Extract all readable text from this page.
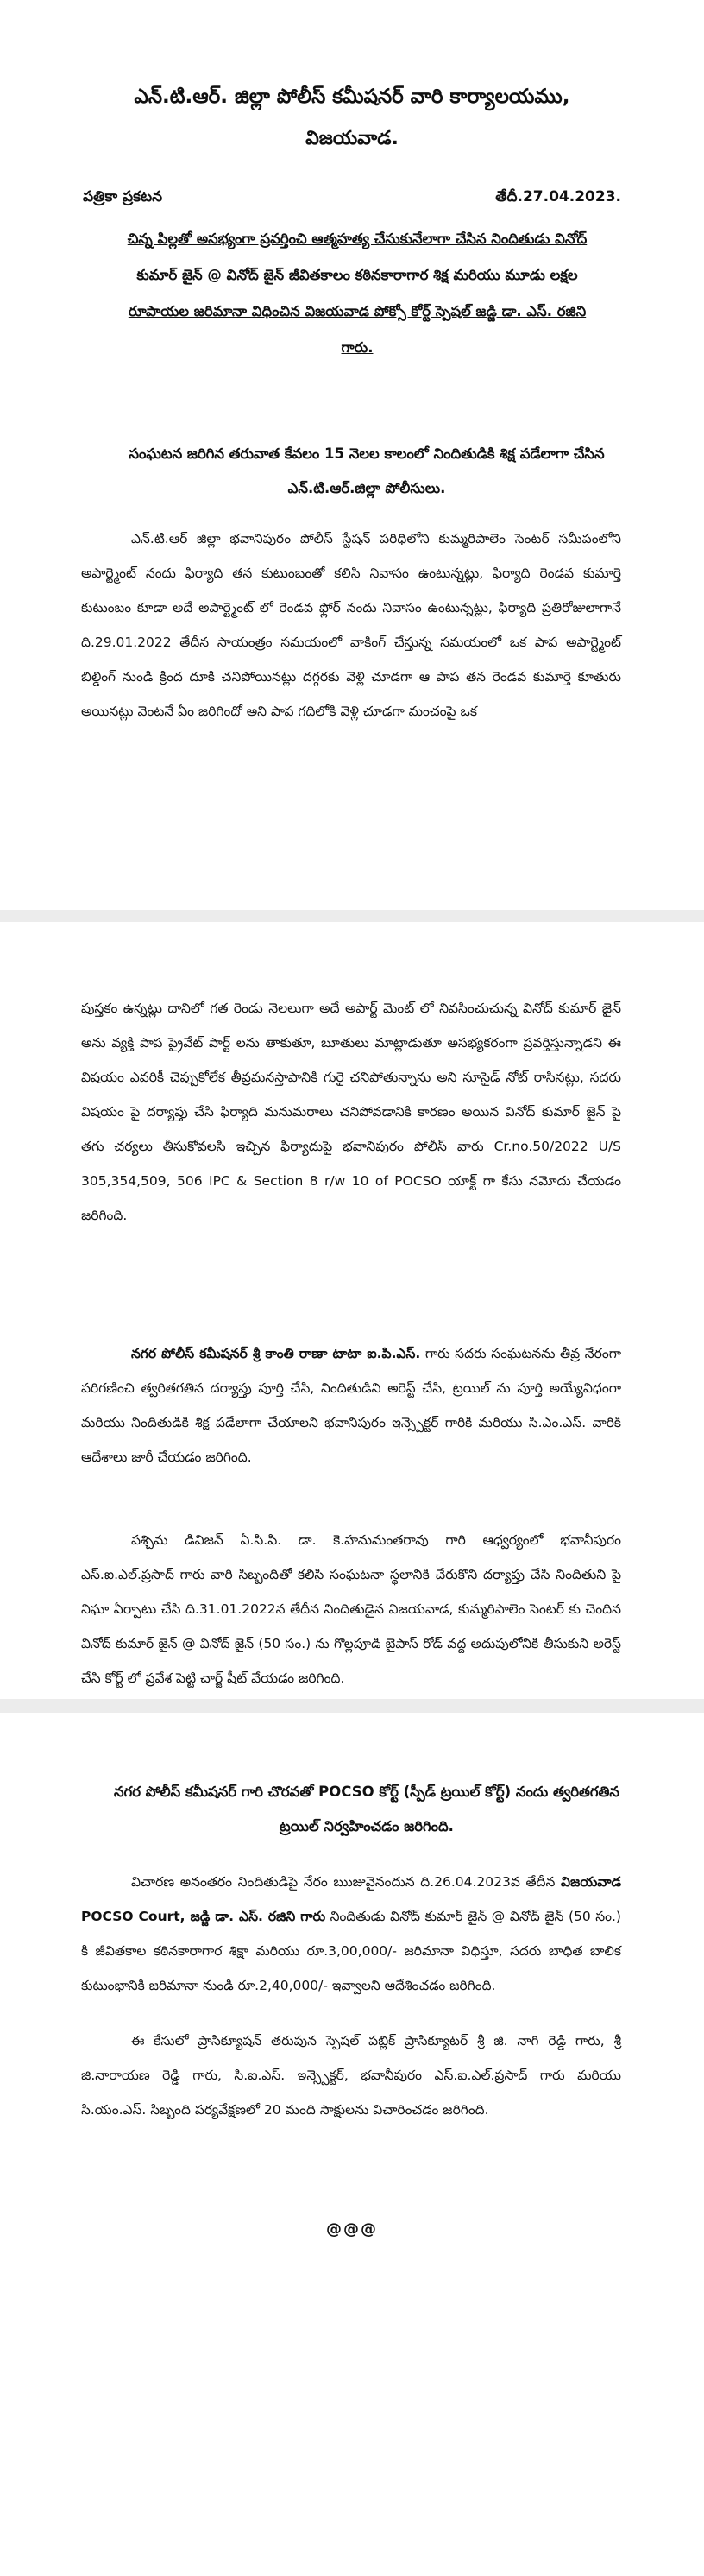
ఎన్.టి.ఆర్. జిల్లా పోలీస్ కమీషనర్ వారి కార్యాలయము,
విజయవాడ.
పత్రికా ప్రకటన	తేదీ.27.04.2023.
చిన్న పిల్లతో అసభ్యంగా ప్రవర్తించి ఆత్మహత్య చేసుకునేలాగా చేసిన నిందితుడు వినోద్ కుమార్ జైన్ @ వినోద్ జైన్ జీవితకాలం కఠినకారాగార శిక్ష మరియు మూడు లక్షల రూపాయల జరిమానా విధించిన విజయవాడ పోక్సో కోర్ట్ స్పెషల్ జడ్జి డా. ఎస్. రజిని గారు.
సంఘటన జరిగిన తరువాత కేవలం 15 నెలల కాలంలో నిందితుడికి శిక్ష పడేలాగా చేసిన ఎన్.టి.ఆర్.జిల్లా పోలీసులు.

ఎన్.టి.ఆర్ జిల్లా భవానిపురం పోలీస్ స్టేషన్ పరిధిలోని కుమ్మరిపాలెం సెంటర్ సమీపంలోని అపార్ట్మెంట్ నందు ఫిర్యాది తన కుటుంబంతో కలిసి నివాసం ఉంటున్నట్లు, ఫిర్యాది రెండవ కుమార్తె కుటుంబం కూడా అదే అపార్ట్మెంట్ లో రెండవ ఫ్లోర్ నందు నివాసం ఉంటున్నట్లు, ఫిర్యాది ప్రతిరోజులాగానే ది.29.01.2022 తేదీన సాయంత్రం సమయంలో వాకింగ్ చేస్తున్న సమయంలో ఒక పాప అపార్ట్మెంట్ బిల్డింగ్ నుండి క్రింద దూకి చనిపోయినట్లు దగ్గరకు వెళ్లి చూడగా ఆ పాప తన రెండవ కుమార్తె కూతురు అయినట్లు వెంటనే ఏం జరిగిందో అని పాప గదిలోకి వెళ్లి చూడగా మంచంపై ఒక

పుస్తకం ఉన్నట్లు దానిలో గత రెండు నెలలుగా అదే అపార్ట్ మెంట్ లో నివసించుచున్న వినోద్ కుమార్ జైన్ అను వ్యక్తి పాప ప్రైవేట్ పార్ట్ లను తాకుతూ, బూతులు మాట్లాడుతూ అసభ్యకరంగా ప్రవర్తిస్తున్నాడని ఈ విషయం ఎవరికీ చెప్పుకోలేక తీవ్రమనస్తాపానికి గురై చనిపోతున్నాను అని సూసైడ్ నోట్ రాసినట్లు, సదరు విషయం పై దర్యాప్తు చేసి ఫిర్యాది మనుమరాలు చనిపోవడానికి కారణం అయిన వినోద్ కుమార్ జైన్ పై తగు చర్యలు తీసుకోవలసి ఇచ్చిన ఫిర్యాదుపై భవానిపురం పోలీస్ వారు Cr.no.50/2022 U/S 305,354,509, 506 IPC & Section 8 r/w 10 of POCSO యాక్ట్ గా కేసు నమోదు చేయడం జరిగింది.

నగర పోలీస్ కమీషనర్ శ్రీ కాంతి రాణా టాటా ఐ.పి.ఎస్. గారు సదరు సంఘటనను తీవ్ర నేరంగా పరిగణించి త్వరితగతిన దర్యాప్తు పూర్తి చేసి, నిందితుడిని అరెస్ట్ చేసి, ట్రయిల్ ను పూర్తి అయ్యేవిధంగా మరియు నిందితుడికి శిక్ష పడేలాగా చేయాలని భవానిపురం ఇన్స్పెక్టర్ గారికి మరియు సి.ఎం.ఎస్. వారికి ఆదేశాలు జారీ చేయడం జరిగింది.

పశ్చిమ డివిజన్ ఏ.సి.పి. డా. కె.హనుమంతరావు గారి ఆధ్వర్యంలో భవానీపురం ఎస్.ఐ.ఎల్.ప్రసాద్ గారు వారి సిబ్బందితో కలిసి సంఘటనా స్థలానికి చేరుకొని దర్యాప్తు చేసి నిందితుని పై నిఘా ఏర్పాటు చేసి ది.31.01.2022న తేదీన నిందితుడైన విజయవాడ, కుమ్మరిపాలెం సెంటర్ కు చెందిన వినోద్ కుమార్ జైన్ @ వినోద్ జైన్ (50 సం.) ను గొల్లపూడి బైపాస్ రోడ్ వద్ద అదుపులోనికి తీసుకుని అరెస్ట్ చేసి కోర్ట్ లో ప్రవేశ పెట్టి చార్జ్ షీట్ వేయడం జరిగింది.

నగర పోలీస్ కమీషనర్ గారి చొరవతో POCSO కోర్ట్ (స్పీడ్ ట్రయిల్ కోర్ట్) నందు త్వరితగతిన ట్రయిల్ నిర్వహించడం జరిగింది.

విచారణ అనంతరం నిందితుడిపై నేరం ఋజువైనందున ది.26.04.2023వ తేదీన విజయవాడ POCSO Court, జడ్జి డా. ఎస్. రజిని గారు నిందితుడు వినోద్ కుమార్ జైన్ @ వినోద్ జైన్ (50 సం.) కి జీవితకాల కఠినకారాగార శిక్షా మరియు రూ.3,00,000/- జరిమానా విధిస్తూ, సదరు బాధిత బాలిక కుటుంభానికి జరిమానా నుండి రూ.2,40,000/- ఇవ్వాలని ఆదేశించడం జరిగింది.

ఈ కేసులో ప్రాసిక్యూషన్ తరుపున స్పెషల్ పబ్లిక్ ప్రాసిక్యూటర్ శ్రీ జి. నాగి రెడ్డి గారు, శ్రీ జి.నారాయణ రెడ్డి గారు, సి.ఐ.ఎస్. ఇన్స్పెక్టర్, భవానీపురం ఎస్.ఐ.ఎల్.ప్రసాద్ గారు మరియు సి.యం.ఎస్. సిబ్బంది పర్యవేక్షణలో 20 మంది సాక్షులను విచారించడం జరిగింది.

@@@
